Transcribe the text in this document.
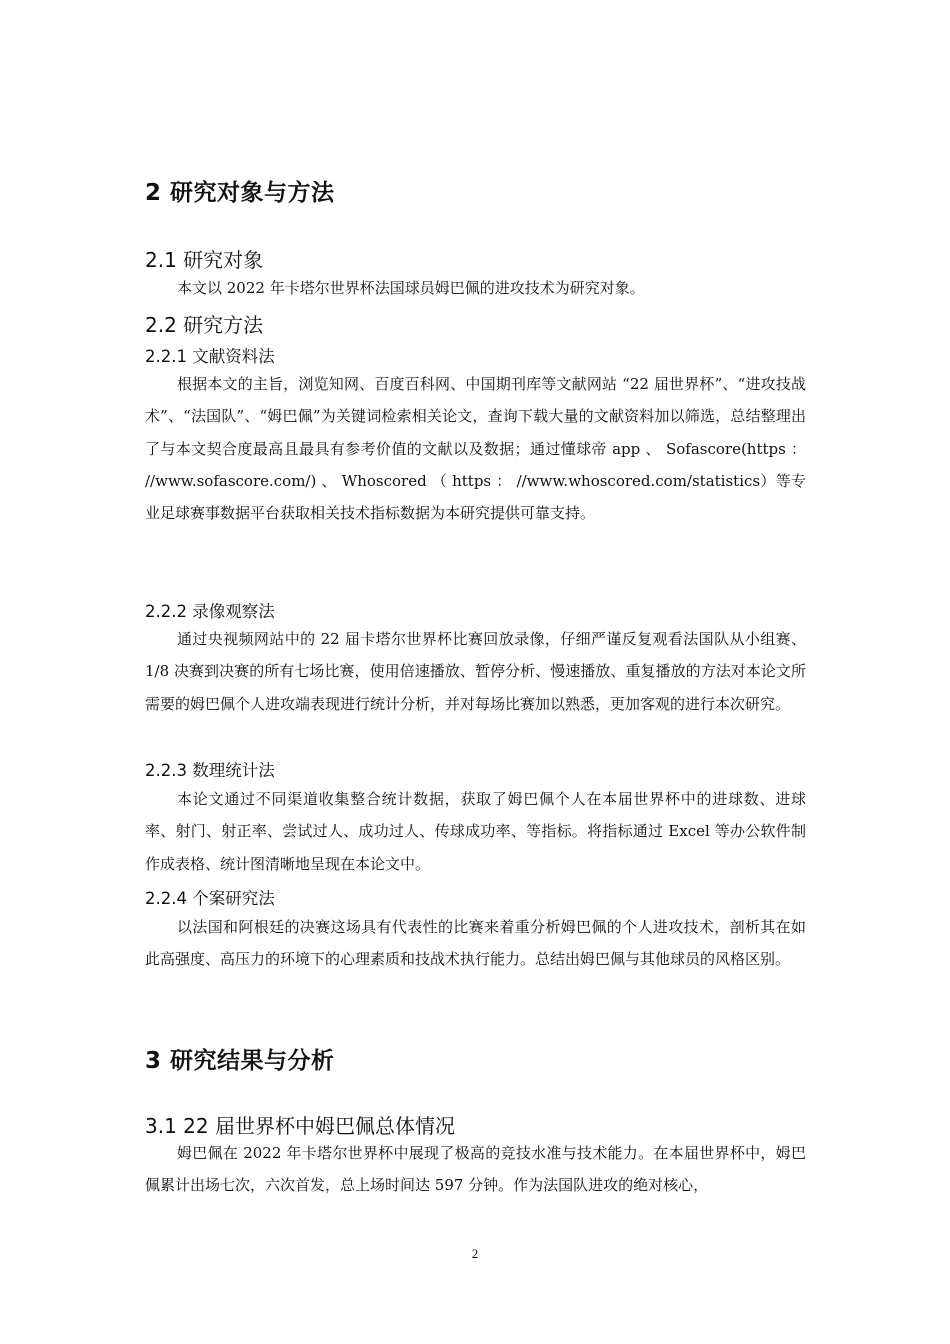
2 研究对象与方法
2.1 研究对象

本文以 2022 年卡塔尔世界杯法国球员姆巴佩的进攻技术为研究对象。

2.2 研究方法
2.2.1 文献资料法

根据本文的主旨，浏览知网、百度百科网、中国期刊库等文献网站 “22 届世界杯”、“进攻技战术”、“法国队”、“姆巴佩”为关键词检索相关论文，查询下载大量的文献资料加以筛选，总结整理出了与本文契合度最高且最具有参考价值的文献以及数据；通过懂球帝 app 、 Sofascore(https ： //www.sofascore.com/) 、 Whoscored （ https ： //www.whoscored.com/statistics）等专业足球赛事数据平台获取相关技术指标数据为本研究提供可靠支持。

2.2.2 录像观察法

通过央视频网站中的 22 届卡塔尔世界杯比赛回放录像，仔细严谨反复观看法国队从小组赛、1/8 决赛到决赛的所有七场比赛，使用倍速播放、暂停分析、慢速播放、重复播放的方法对本论文所需要的姆巴佩个人进攻端表现进行统计分析，并对每场比赛加以熟悉，更加客观的进行本次研究。

2.2.3 数理统计法

本论文通过不同渠道收集整合统计数据，获取了姆巴佩个人在本届世界杯中的进球数、进球率、射门、射正率、尝试过人、成功过人、传球成功率、等指标。将指标通过 Excel 等办公软件制作成表格、统计图清晰地呈现在本论文中。

2.2.4 个案研究法

以法国和阿根廷的决赛这场具有代表性的比赛来着重分析姆巴佩的个人进攻技术，剖析其在如此高强度、高压力的环境下的心理素质和技战术执行能力。总结出姆巴佩与其他球员的风格区别。

3 研究结果与分析
3.1 22 届世界杯中姆巴佩总体情况

姆巴佩在 2022 年卡塔尔世界杯中展现了极高的竞技水准与技术能力。在本届世界杯中，姆巴佩累计出场七次，六次首发，总上场时间达 597 分钟。作为法国队进攻的绝对核心，

2
